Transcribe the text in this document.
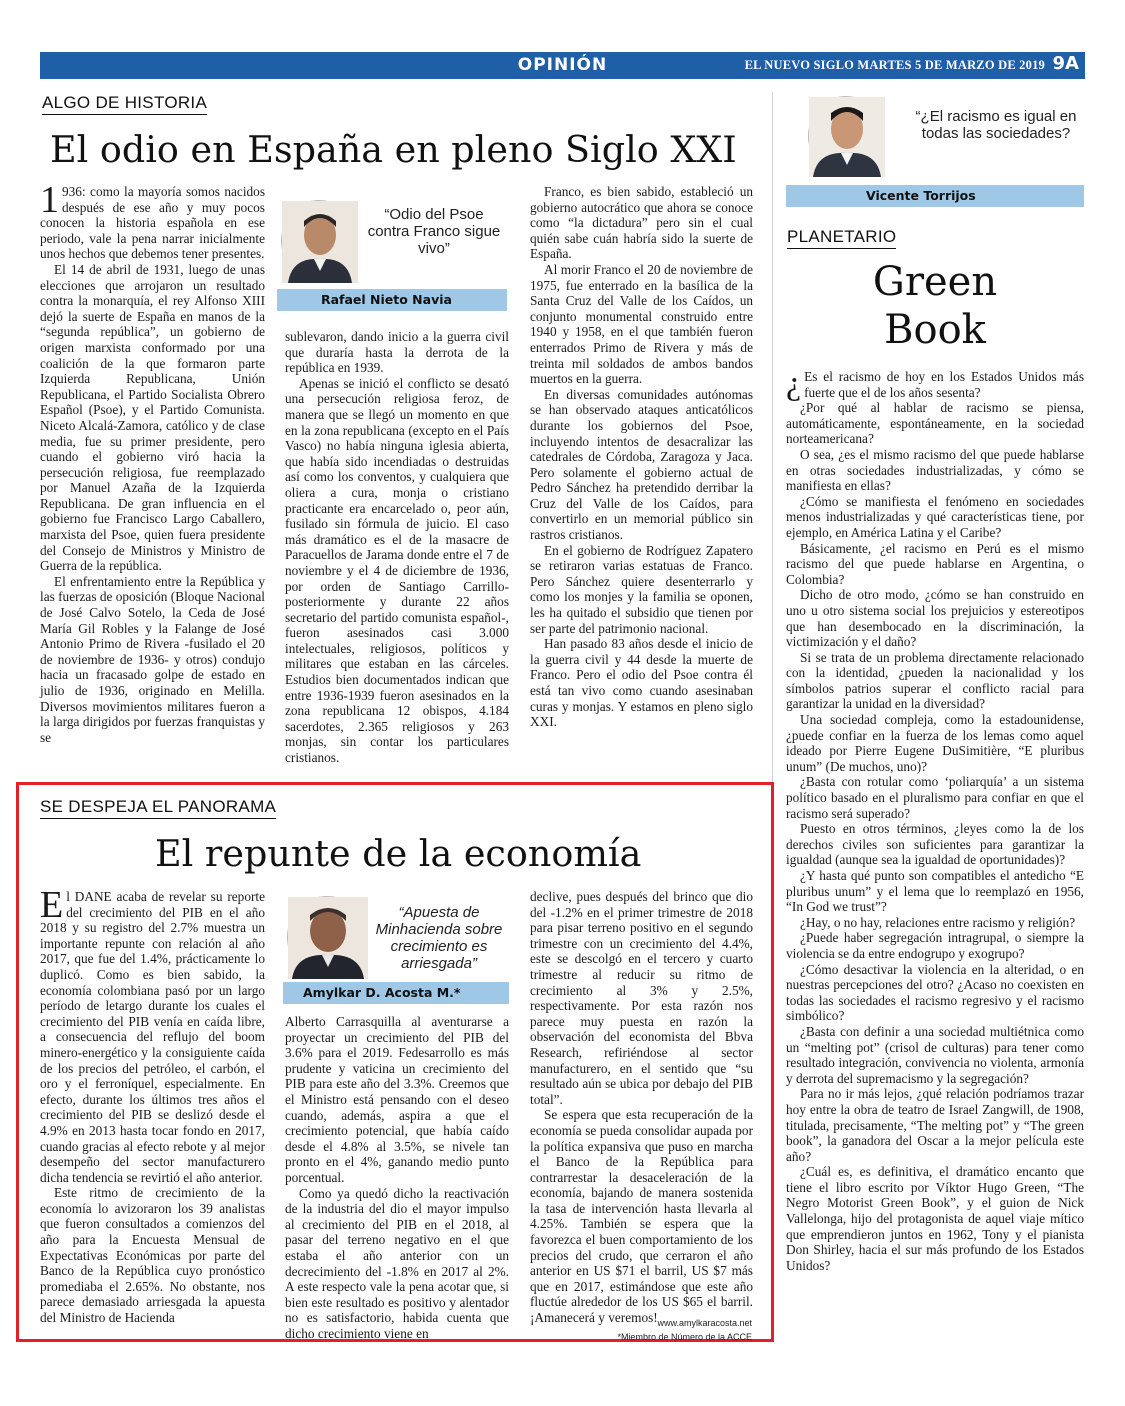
OPINIÓN	EL NUEVO SIGLO MARTES 5 DE MARZO DE 2019 9A
ALGO DE HISTORIA
El odio en España en pleno Siglo XXI

1 936: como la mayoría somos nacidos después de ese año y muy pocos conocen la historia española en ese periodo, vale la pena narrar inicialmente unos hechos que debemos tener presentes.

El 14 de abril de 1931, luego de unas elecciones que arrojaron un resultado contra la monarquía, el rey Alfonso XIII dejó la suerte de España en manos de la “segunda república”, un gobierno de origen marxista conformado por una coalición de la que formaron parte Izquierda Republicana, Unión Republicana, el Partido Socialista Obrero Español (Psoe), y el Partido Comunista. Niceto Alcalá-Zamora, católico y de clase media, fue su primer presidente, pero cuando el gobierno viró hacia la persecución religiosa, fue reemplazado por Manuel Azaña de la Izquierda Republicana. De gran influencia en el gobierno fue Francisco Largo Caballero, marxista del Psoe, quien fuera presidente del Consejo de Ministros y Ministro de Guerra de la república.

El enfrentamiento entre la República y las fuerzas de oposición (Bloque Nacional de José Calvo Sotelo, la Ceda de José María Gil Robles y la Falange de José Antonio Primo de Rivera -fusilado el 20 de noviembre de 1936- y otros) condujo hacia un fracasado golpe de estado en julio de 1936, originado en Melilla. Diversos movimientos militares fueron a la larga dirigidos por fuerzas franquistas y se

“Odio del Psoe contra Franco sigue vivo”
Rafael Nieto Navia

sublevaron, dando inicio a la guerra civil que duraría hasta la derrota de la república en 1939.

Apenas se inició el conflicto se desató una persecución religiosa feroz, de manera que se llegó un momento en que en la zona republicana (excepto en el País Vasco) no había ninguna iglesia abierta, que había sido incendiadas o destruidas así como los conventos, y cualquiera que oliera a cura, monja o cristiano practicante era encarcelado o, peor aún, fusilado sin fórmula de juicio. El caso más dramático es el de la masacre de Paracuellos de Jarama donde entre el 7 de noviembre y el 4 de diciembre de 1936, por orden de Santiago Carrillo- posteriormente y durante 22 años secretario del partido comunista español-, fueron asesinados casi 3.000 intelectuales, religiosos, políticos y militares que estaban en las cárceles. Estudios bien documentados indican que entre 1936-1939 fueron asesinados en la zona republicana 12 obispos, 4.184 sacerdotes, 2.365 religiosos y 263 monjas, sin contar los particulares cristianos.

Franco, es bien sabido, estableció un gobierno autocrático que ahora se conoce como “la dictadura” pero sin el cual quién sabe cuán habría sido la suerte de España.

Al morir Franco el 20 de noviembre de 1975, fue enterrado en la basílica de la Santa Cruz del Valle de los Caídos, un conjunto monumental construido entre 1940 y 1958, en el que también fueron enterrados Primo de Rivera y más de treinta mil soldados de ambos bandos muertos en la guerra.

En diversas comunidades autónomas se han observado ataques anticatólicos durante los gobiernos del Psoe, incluyendo intentos de desacralizar las catedrales de Córdoba, Zaragoza y Jaca. Pero solamente el gobierno actual de Pedro Sánchez ha pretendido derribar la Cruz del Valle de los Caídos, para convertirlo en un memorial público sin rastros cristianos.

En el gobierno de Rodríguez Zapatero se retiraron varias estatuas de Franco. Pero Sánchez quiere desenterrarlo y como los monjes y la familia se oponen, les ha quitado el subsidio que tienen por ser parte del patrimonio nacional.

Han pasado 83 años desde el inicio de la guerra civil y 44 desde la muerte de Franco. Pero el odio del Psoe contra él está tan vivo como cuando asesinaban curas y monjas. Y estamos en pleno siglo XXI.

SE DESPEJA EL PANORAMA
El repunte de la economía

El DANE acaba de revelar su reporte del crecimiento del PIB en el año 2018 y su registro del 2.7% muestra un importante repunte con relación al año 2017, que fue del 1.4%, prácticamente lo duplicó. Como es bien sabido, la economía colombiana pasó por un largo período de letargo durante los cuales el crecimiento del PIB venía en caída libre, a consecuencia del reflujo del boom minero-energético y la consiguiente caída de los precios del petróleo, el carbón, el oro y el ferroníquel, especialmente. En efecto, durante los últimos tres años el crecimiento del PIB se deslizó desde el 4.9% en 2013 hasta tocar fondo en 2017, cuando gracias al efecto rebote y al mejor desempeño del sector manufacturero dicha tendencia se revirtió el año anterior.

Este ritmo de crecimiento de la economía lo avizoraron los 39 analistas que fueron consultados a comienzos del año para la Encuesta Mensual de Expectativas Económicas por parte del Banco de la República cuyo pronóstico promediaba el 2.65%. No obstante, nos parece demasiado arriesgada la apuesta del Ministro de Hacienda

“Apuesta de Minhacienda sobre crecimiento es arriesgada”
Amylkar D. Acosta M.*

Alberto Carrasquilla al aventurarse a proyectar un crecimiento del PIB del 3.6% para el 2019. Fedesarrollo es más prudente y vaticina un crecimiento del PIB para este año del 3.3%. Creemos que el Ministro está pensando con el deseo cuando, además, aspira a que el crecimiento potencial, que había caído desde el 4.8% al 3.5%, se nivele tan pronto en el 4%, ganando medio punto porcentual.

Como ya quedó dicho la reactivación de la industria del dio el mayor impulso al crecimiento del PIB en el 2018, al pasar del terreno negativo en el que estaba el año anterior con un decrecimiento del -1.8% en 2017 al 2%. A este respecto vale la pena acotar que, si bien este resultado es positivo y alentador no es satisfactorio, habida cuenta que dicho crecimiento viene en

declive, pues después del brinco que dio del -1.2% en el primer trimestre de 2018 para pisar terreno positivo en el segundo trimestre con un crecimiento del 4.4%, este se descolgó en el tercero y cuarto trimestre al reducir su ritmo de crecimiento al 3% y 2.5%, respectivamente. Por esta razón nos parece muy puesta en razón la observación del economista del Bbva Research, refiriéndose al sector manufacturero, en el sentido que “su resultado aún se ubica por debajo del PIB total”.

Se espera que esta recuperación de la economía se pueda consolidar aupada por la política expansiva que puso en marcha el Banco de la República para contrarrestar la desaceleración de la economía, bajando de manera sostenida la tasa de intervención hasta llevarla al 4.25%. También se espera que la favorezca el buen comportamiento de los precios del crudo, que cerraron el año anterior en US $71 el barril, US $7 más que en 2017, estimándose que este año fluctúe alrededor de los US $65 el barril. ¡Amanecerá y veremos! www.amylkaracosta.net
*Miembro de Número de la ACCE
“¿El racismo es igual en todas las sociedades?
Vicente Torrijos
PLANETARIO
Green
Book

¿ Es el racismo de hoy en los Estados Unidos más fuerte que el de los años sesenta?

¿Por qué al hablar de racismo se piensa, automáticamente, espontáneamente, en la sociedad norteamericana?

O sea, ¿es el mismo racismo del que puede hablarse en otras sociedades industrializadas, y cómo se manifiesta en ellas?

¿Cómo se manifiesta el fenómeno en sociedades menos industrializadas y qué características tiene, por ejemplo, en América Latina y el Caribe?

Básicamente, ¿el racismo en Perú es el mismo racismo del que puede hablarse en Argentina, o Colombia?

Dicho de otro modo, ¿cómo se han construido en uno u otro sistema social los prejuicios y estereotipos que han desembocado en la discriminación, la victimización y el daño?

Si se trata de un problema directamente relacionado con la identidad, ¿pueden la nacionalidad y los símbolos patrios superar el conflicto racial para garantizar la unidad en la diversidad?

Una sociedad compleja, como la estadounidense, ¿puede confiar en la fuerza de los lemas como aquel ideado por Pierre Eugene DuSimitière, “E pluribus unum” (De muchos, uno)?

¿Basta con rotular como ‘poliarquía’ a un sistema político basado en el pluralismo para confiar en que el racismo será superado?

Puesto en otros términos, ¿leyes como la de los derechos civiles son suficientes para garantizar la igualdad (aunque sea la igualdad de oportunidades)?

¿Y hasta qué punto son compatibles el antedicho “E pluribus unum” y el lema que lo reemplazó en 1956, “In God we trust”?

¿Hay, o no hay, relaciones entre racismo y religión?

¿Puede haber segregación intragrupal, o siempre la violencia se da entre endogrupo y exogrupo?

¿Cómo desactivar la violencia en la alteridad, o en nuestras percepciones del otro? ¿Acaso no coexisten en todas las sociedades el racismo regresivo y el racismo simbólico?

¿Basta con definir a una sociedad multiétnica como un “melting pot” (crisol de culturas) para tener como resultado integración, convivencia no violenta, armonía y derrota del supremacismo y la segregación?

Para no ir más lejos, ¿qué relación podríamos trazar hoy entre la obra de teatro de Israel Zangwill, de 1908, titulada, precisamente, “The melting pot” y “The green book”, la ganadora del Oscar a la mejor película este año?

¿Cuál es, es definitiva, el dramático encanto que tiene el libro escrito por Víktor Hugo Green, “The Negro Motorist Green Book”, y el guion de Nick Vallelonga, hijo del protagonista de aquel viaje mítico que emprendieron juntos en 1962, Tony y el pianista Don Shirley, hacia el sur más profundo de los Estados Unidos?
